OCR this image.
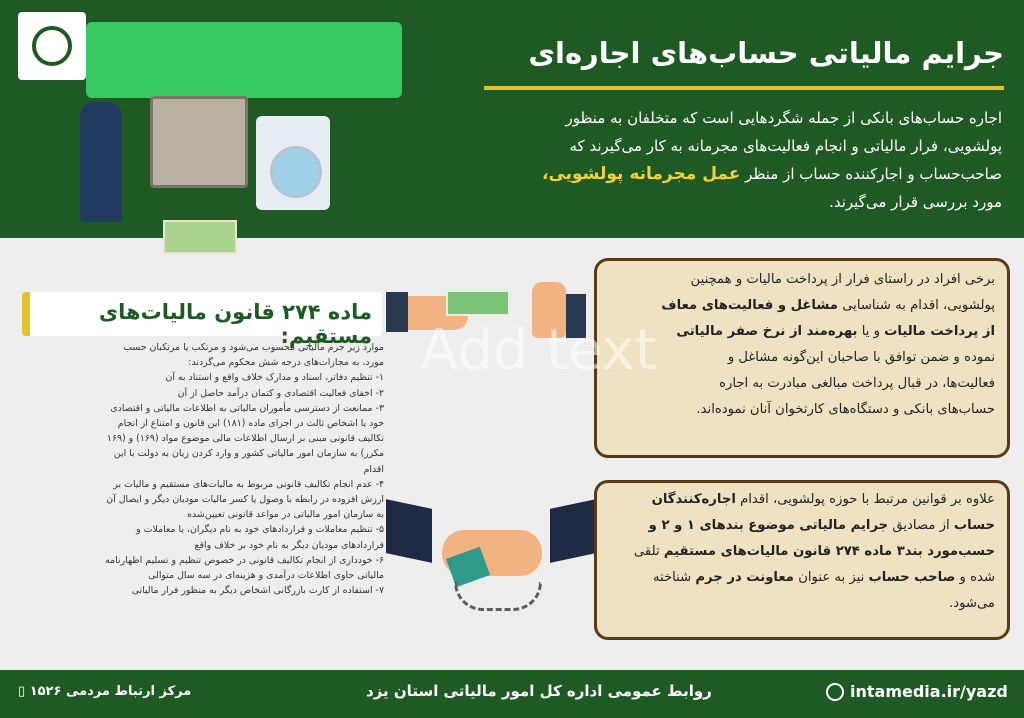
جرایم مالیاتی حساب‌های اجاره‌ای
اجاره حساب‌های بانکی از جمله شگردهایی است که متخلفان به منظور
پولشویی، فرار مالیاتی و انجام فعالیت‌های مجرمانه به کار می‌گیرند که
صاحب‌حساب و اجارکننده حساب از منظر عمل مجرمانه پولشویی،
مورد بررسی قرار می‌گیرند.
ماده ۲۷۴ قانون مالیات‌های مستقیم:
موارد زیر جرم مالیاتی محسوب می‌شود و مرتکب یا مرتکبان حسب
مورد، به مجازات‌های درجه شش محکوم می‌گردند:
۱- تنظیم دفاتر، اسناد و مدارک خلاف واقع و استناد به آن
۲- اخفای فعالیت اقتصادی و کتمان درآمد حاصل از آن
۳- ممانعت از دسترسی مأموران مالیاتی به اطلاعات مالیاتی و اقتصادی
خود یا اشخاص ثالث در اجرای ماده (۱۸۱) این قانون و امتناع از انجام
تکالیف قانونی مبنی بر ارسال اطلاعات مالی موضوع مواد (۱۶۹) و (۱۶۹
مکرر) به سازمان امور مالیاتی کشور و وارد کردن زیان به دولت با این
اقدام
۴- عدم انجام تکالیف قانونی مربوط به مالیات‌های مستقیم و مالیات بر
ارزش افزوده در رابطه با وصول یا کسر مالیات مودیان دیگر و ایصال آن
به سازمان امور مالیاتی در مواعد قانونی تعیین‌شده
۵- تنظیم معاملات و قراردادهای خود به نام دیگران، یا معاملات و
قراردادهای مودیان دیگر به نام خود بر خلاف واقع
۶- خودداری از انجام تکالیف قانونی در خصوص تنظیم و تسلیم اظهارنامه
مالیاتی حاوی اطلاعات درآمدی و هزینه‌ای در سه سال متوالی
۷- استفاده از کارت بازرگانی اشخاص دیگر به منظور فرار مالیاتی
برخی افراد در راستای فرار از پرداخت مالیات و همچنین
پولشویی، اقدام به شناسایی مشاغل و فعالیت‌های معاف
از پرداخت مالیات و یا بهره‌مند از نرخ صفر مالیاتی
نموده و ضمن توافق با صاحبان این‌گونه مشاغل و
فعالیت‌ها، در قبال پرداخت مبالغی مبادرت به اجاره
حساب‌های بانکی و دستگاه‌های کارتخوان آنان نموده‌اند.
علاوه بر قوانین مرتبط با حوزه پولشویی، اقدام اجاره‌کنندگان
حساب از مصادیق جرایم مالیاتی موضوع بندهای ۱ و ۲ و
حسب‌مورد بند۳ ماده ۲۷۴ قانون مالیات‌های مستقیم تلقی
شده و صاحب حساب نیز به عنوان معاونت در جرم شناخته
می‌شود.
Add text
مرکز ارتباط مردمی ۱۵۲۶ ▯	روابط عمومی اداره کل امور مالیاتی استان یزد	intamedia.ir/yazd
